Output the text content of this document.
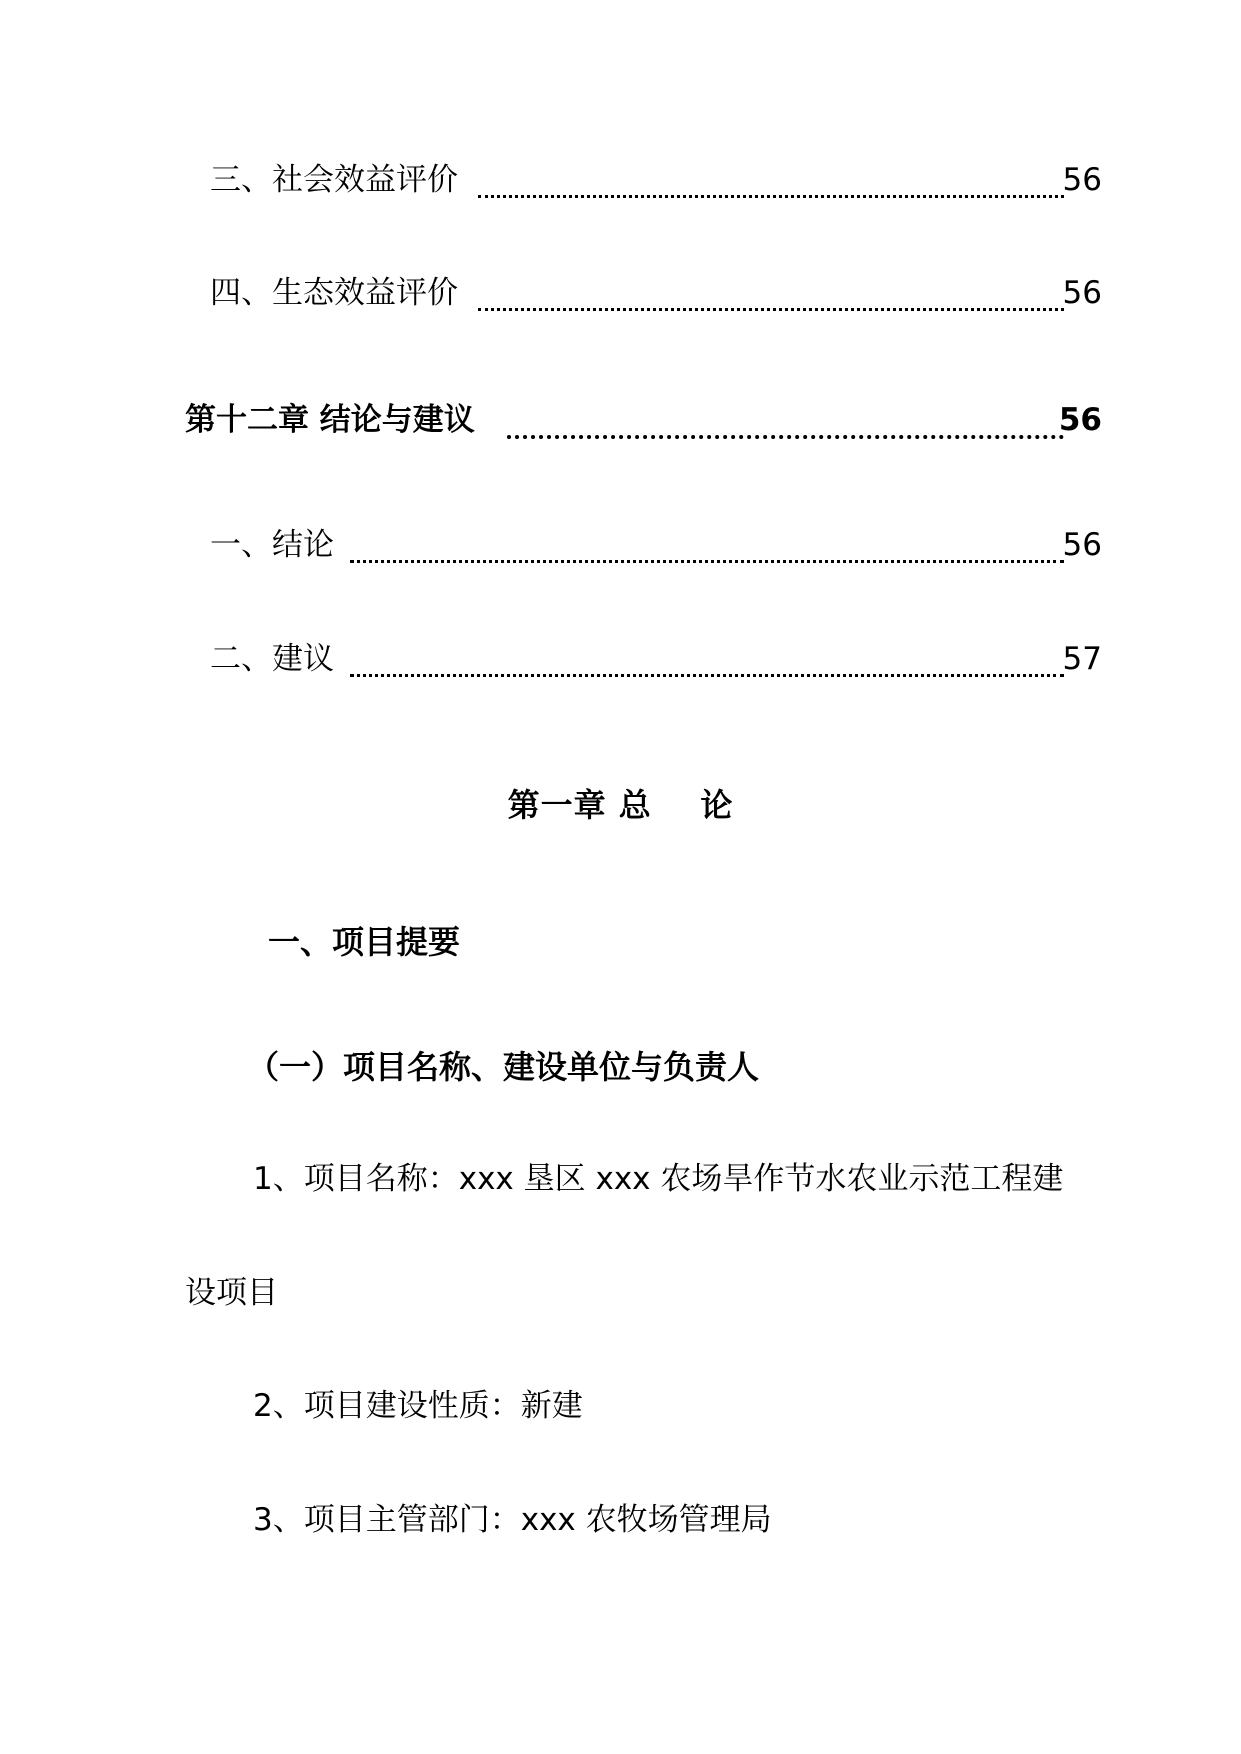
三、社会效益评价	56
四、生态效益评价	56
第十二章 结论与建议	56
一、结论	56
二、建议	57
第一章 总    论
一、项目提要
（一）项目名称、建设单位与负责人
1、项目名称：xxx 垦区 xxx 农场旱作节水农业示范工程建
设项目
2、项目建设性质：新建
3、项目主管部门：xxx 农牧场管理局
